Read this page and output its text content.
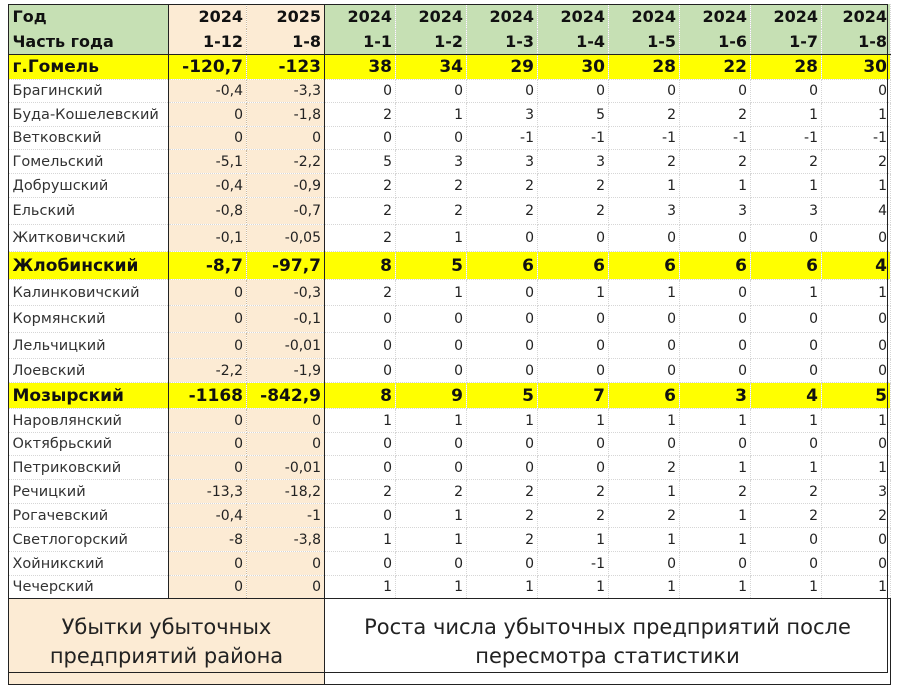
Год	2024	2025	2024	2024	2024	2024	2024	2024	2024	2024
Часть года	1-12	1-8	1-1	1-2	1-3	1-4	1-5	1-6	1-7	1-8
г.Гомель	-120,7	-123	38	34	29	30	28	22	28	30
Брагинский	-0,4	-3,3	0	0	0	0	0	0	0	0
Буда-Кошелевский	0	-1,8	2	1	3	5	2	2	1	1
Ветковский	0	0	0	0	-1	-1	-1	-1	-1	-1
Гомельский	-5,1	-2,2	5	3	3	3	2	2	2	2
Добрушский	-0,4	-0,9	2	2	2	2	1	1	1	1
Ельский	-0,8	-0,7	2	2	2	2	3	3	3	4
Житковичский	-0,1	-0,05	2	1	0	0	0	0	0	0
Жлобинский	-8,7	-97,7	8	5	6	6	6	6	6	4
Калинковичский	0	-0,3	2	1	0	1	1	0	1	1
Кормянский	0	-0,1	0	0	0	0	0	0	0	0
Лельчицкий	0	-0,01	0	0	0	0	0	0	0	0
Лоевский	-2,2	-1,9	0	0	0	0	0	0	0	0
Мозырский	-1168	-842,9	8	9	5	7	6	3	4	5
Наровлянский	0	0	1	1	1	1	1	1	1	1
Октябрьский	0	0	0	0	0	0	0	0	0	0
Петриковский	0	-0,01	0	0	0	0	2	1	1	1
Речицкий	-13,3	-18,2	2	2	2	2	1	2	2	3
Рогачевский	-0,4	-1	0	1	2	2	2	1	2	2
Светлогорский	-8	-3,8	1	1	2	1	1	1	0	0
Хойникский	0	0	0	0	0	-1	0	0	0	0
Чечерский	0	0	1	1	1	1	1	1	1	1
Убытки убыточных предприятий района			Роста числа убыточных предприятий после пересмотра статистики							
